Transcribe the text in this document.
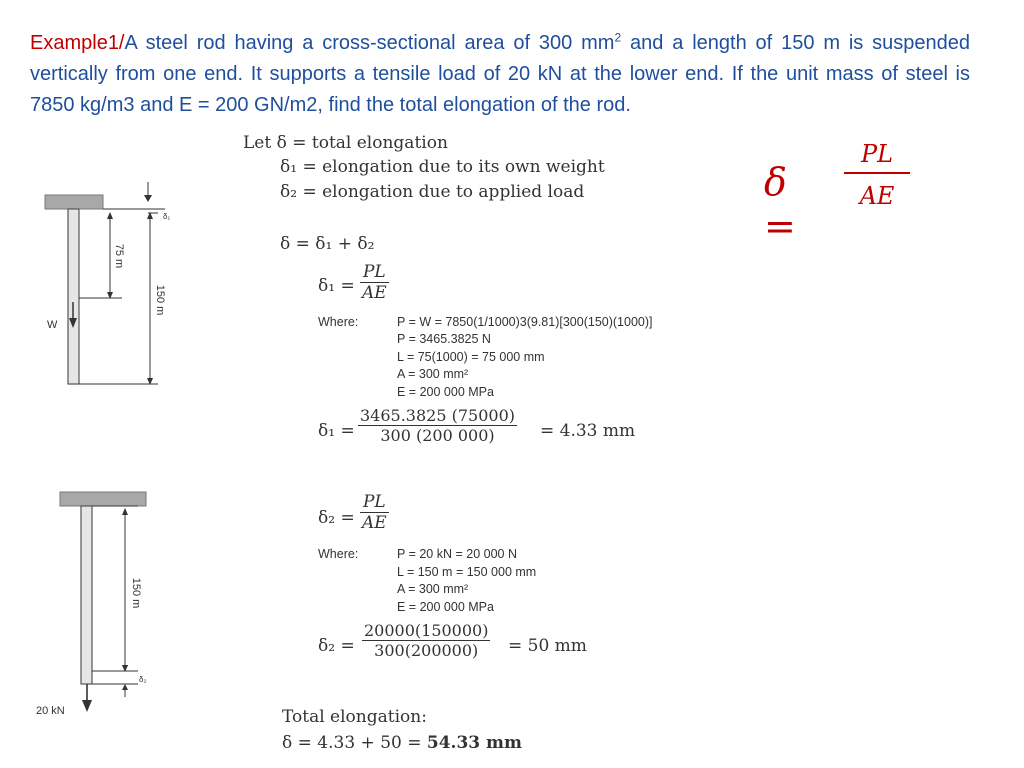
Example1/A steel rod having a cross-sectional area of 300 $mm^2$ and a length of 150 m is suspended vertically from one end. It supports a tensile load of 20 kN at the lower end. If the unit mass of steel is 7850 kg/m3 and E = 200 GN/m2, find the total elongation of the rod.

δ =
$\frac{PL}{AE}$
δ₁
75 m
150 m
W
150 m
δ₂
20 kN
Let δ = total elongation
δ₁ = elongation due to its own weight
δ₂ = elongation due to applied load
δ = δ₁ + δ₂
$\delta_1 = \frac{PL}{AE}$
Where:	P = W = 7850(1/1000)3(9.81)[300(150)(1000)]
P = 3465.3825 N
L = 75(1000) = 75 000 mm
A = 300 mm²
E = 200 000 MPa
$\delta_1 = \frac{3465.3825 (75000)}{300 (200 000)} = 4.33$ mm
$\delta_2 = \frac{PL}{AE}$
Where:	P = 20 kN = 20 000 N
L = 150 m = 150 000 mm
A = 300 mm²
E = 200 000 MPa
$\delta_2 = \frac{20000(150000)}{300(200000)} = 50$ mm
Total elongation:
δ = 4.33 + 50 = 54.33 mm
